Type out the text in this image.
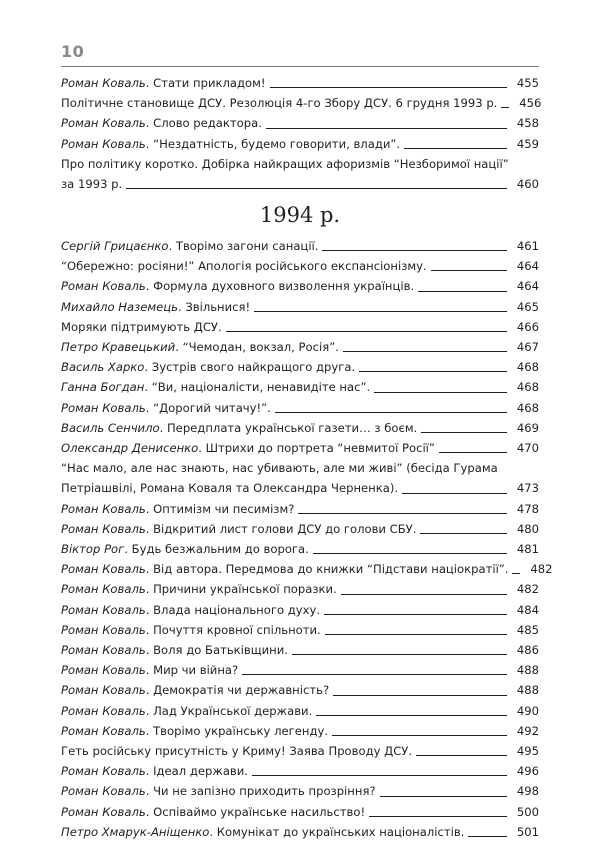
10
Роман Коваль. Стати прикладом!	455
Політичне становище ДСУ. Резолюція 4-го Збору ДСУ. 6 грудня 1993 р.	456
Роман Коваль. Слово редактора.	458
Роман Коваль. “Нездатність, будемо говорити, влади”.	459
Про політику коротко. Добірка найкращих афоризмів “Незборимої нації”
за 1993 р.	460
1994 р.
Сергій Грицаєнко. Творімо загони санації.	461
“Обережно: росіяни!” Апологія російського експансіонізму.	464
Роман Коваль. Формула духовного визволення українців.	464
Михайло Наземець. Звільнися!	465
Моряки підтримують ДСУ.	466
Петро Кравецький. “Чемодан, вокзал, Росія”.	467
Василь Харко. Зустрів свого найкращого друга.	468
Ганна Богдан. “Ви, націоналісти, ненавидіте нас”.	468
Роман Коваль. “Дорогий читачу!”.	468
Василь Сенчило. Передплата української газети… з боєм.	469
Олександр Денисенко. Штрихи до портрета “невмитої Росії”	470
“Нас мало, але нас знають, нас убивають, але ми живі” (бесіда Гурама
Петріашвілі, Романа Коваля та Олександра Черненка).	473
Роман Коваль. Оптимізм чи песимізм?	478
Роман Коваль. Відкритий лист голови ДСУ до голови СБУ.	480
Віктор Рог. Будь безжальним до ворога.	481
Роман Коваль. Від автора. Передмова до книжки “Підстави націократії”.	482
Роман Коваль. Причини української поразки.	482
Роман Коваль. Влада національного духу.	484
Роман Коваль. Почуття кровної спільноти.	485
Роман Коваль. Воля до Батьківщини.	486
Роман Коваль. Мир чи війна?	488
Роман Коваль. Демократія чи державність?	488
Роман Коваль. Лад Української держави.	490
Роман Коваль. Творімо українську легенду.	492
Геть російську присутність у Криму! Заява Проводу ДСУ.	495
Роман Коваль. Ідеал держави.	496
Роман Коваль. Чи не запізно приходить прозріння?	498
Роман Коваль. Оспіваймо українське насильство!	500
Петро Хмарук-Аніщенко. Комунікат до українських націоналістів.	501
